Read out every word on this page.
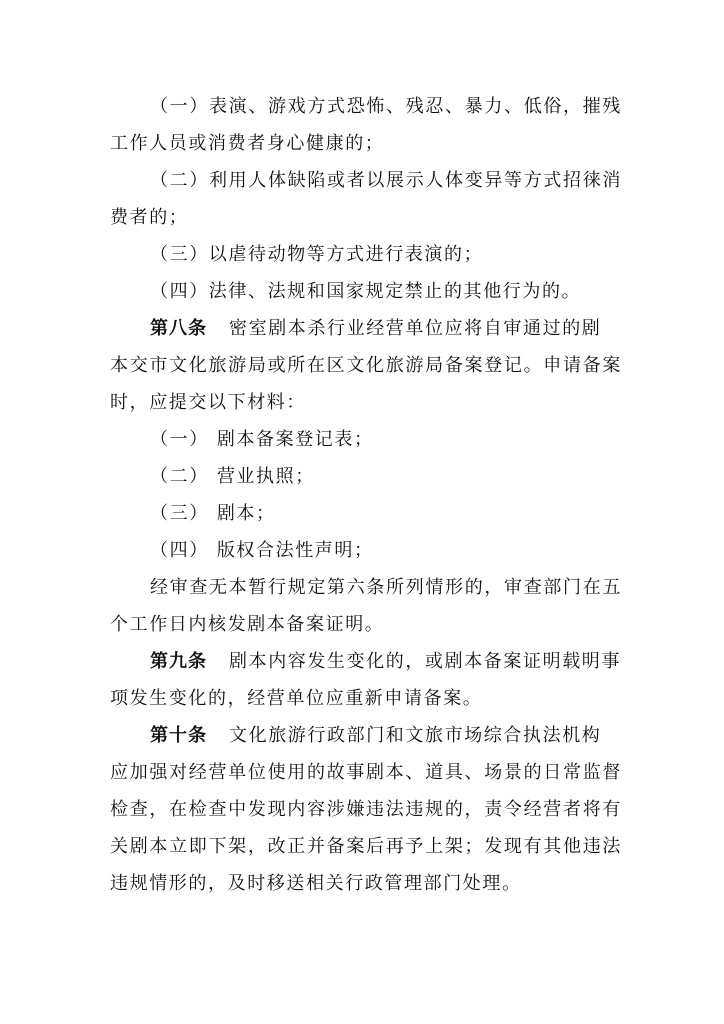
（一）表演、游戏方式恐怖、残忍、暴力、低俗，摧残
工作人员或消费者身心健康的；
（二）利用人体缺陷或者以展示人体变异等方式招徕消
费者的；
（三）以虐待动物等方式进行表演的；
（四）法律、法规和国家规定禁止的其他行为的。
第八条 密室剧本杀行业经营单位应将自审通过的剧
本交市文化旅游局或所在区文化旅游局备案登记。申请备案
时，应提交以下材料：
（一） 剧本备案登记表；
（二） 营业执照；
（三） 剧本；
（四） 版权合法性声明；
经审查无本暂行规定第六条所列情形的，审查部门在五
个工作日内核发剧本备案证明。
第九条 剧本内容发生变化的，或剧本备案证明载明事
项发生变化的，经营单位应重新申请备案。
第十条 文化旅游行政部门和文旅市场综合执法机构
应加强对经营单位使用的故事剧本、道具、场景的日常监督
检查，在检查中发现内容涉嫌违法违规的，责令经营者将有
关剧本立即下架，改正并备案后再予上架；发现有其他违法
违规情形的，及时移送相关行政管理部门处理。
